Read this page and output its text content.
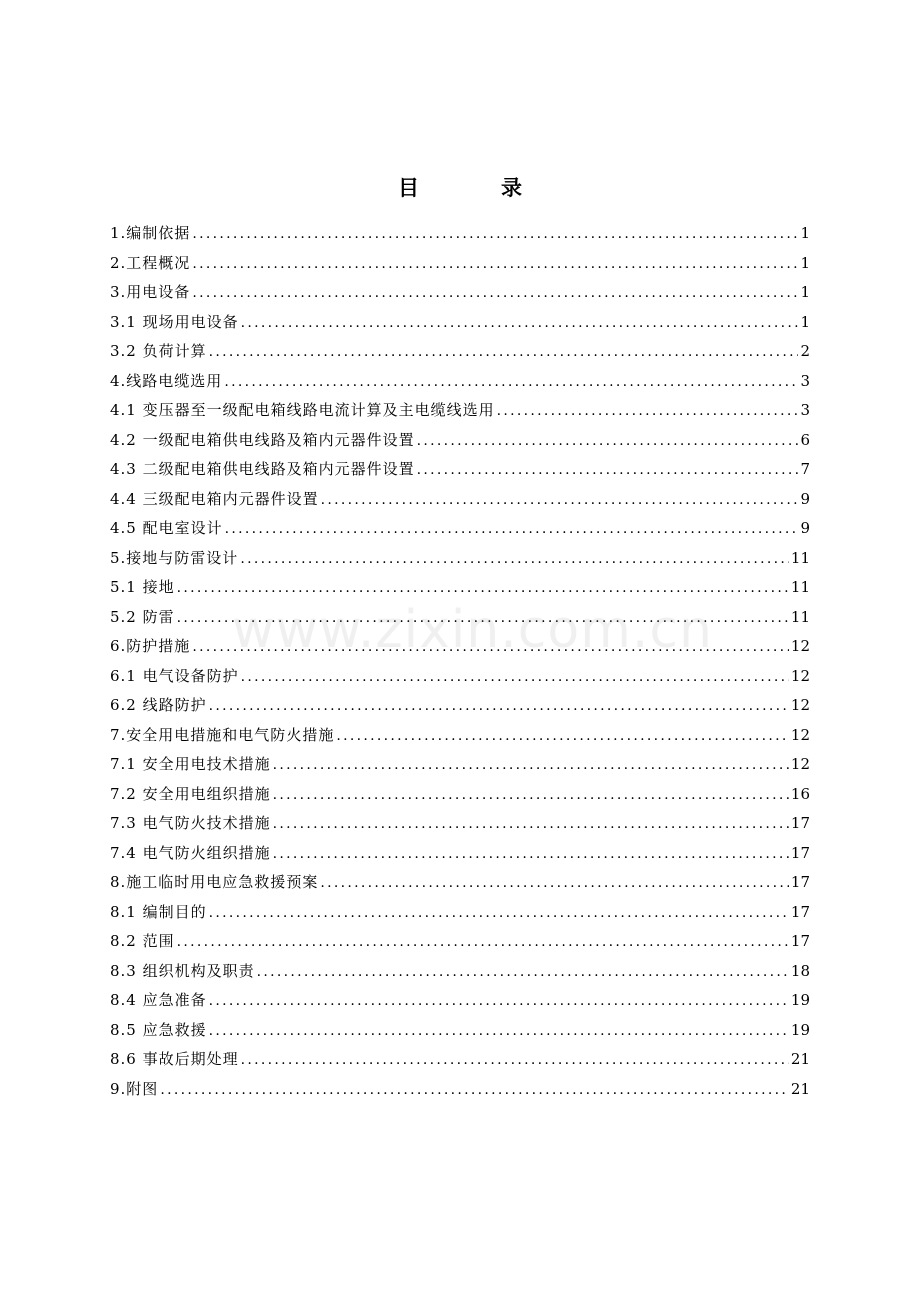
目	录
1.编制依据 .....	1
2.工程概况 .....	1
3.用电设备 .....	1
3.1 现场用电设备 .....	1
3.2 负荷计算 .....	2
4.线路电缆选用 .....	3
4.1 变压器至一级配电箱线路电流计算及主电缆线选用 .....	3
4.2 一级配电箱供电线路及箱内元器件设置 .....	6
4.3 二级配电箱供电线路及箱内元器件设置 .....	7
4.4 三级配电箱内元器件设置 .....	9
4.5 配电室设计 .....	9
5.接地与防雷设计 .....	11
5.1 接地 .....	11
5.2 防雷 .....	11
6.防护措施 .....	12
6.1 电气设备防护 .....	12
6.2 线路防护 .....	12
7.安全用电措施和电气防火措施 .....	12
7.1 安全用电技术措施 .....	12
7.2 安全用电组织措施 .....	16
7.3 电气防火技术措施 .....	17
7.4 电气防火组织措施 .....	17
8.施工临时用电应急救援预案 .....	17
8.1 编制目的 .....	17
8.2 范围 .....	17
8.3 组织机构及职责 .....	18
8.4 应急准备 .....	19
8.5 应急救援 .....	19
8.6 事故后期处理 .....	21
9.附图 .....	21
www.zixin.com.cn
